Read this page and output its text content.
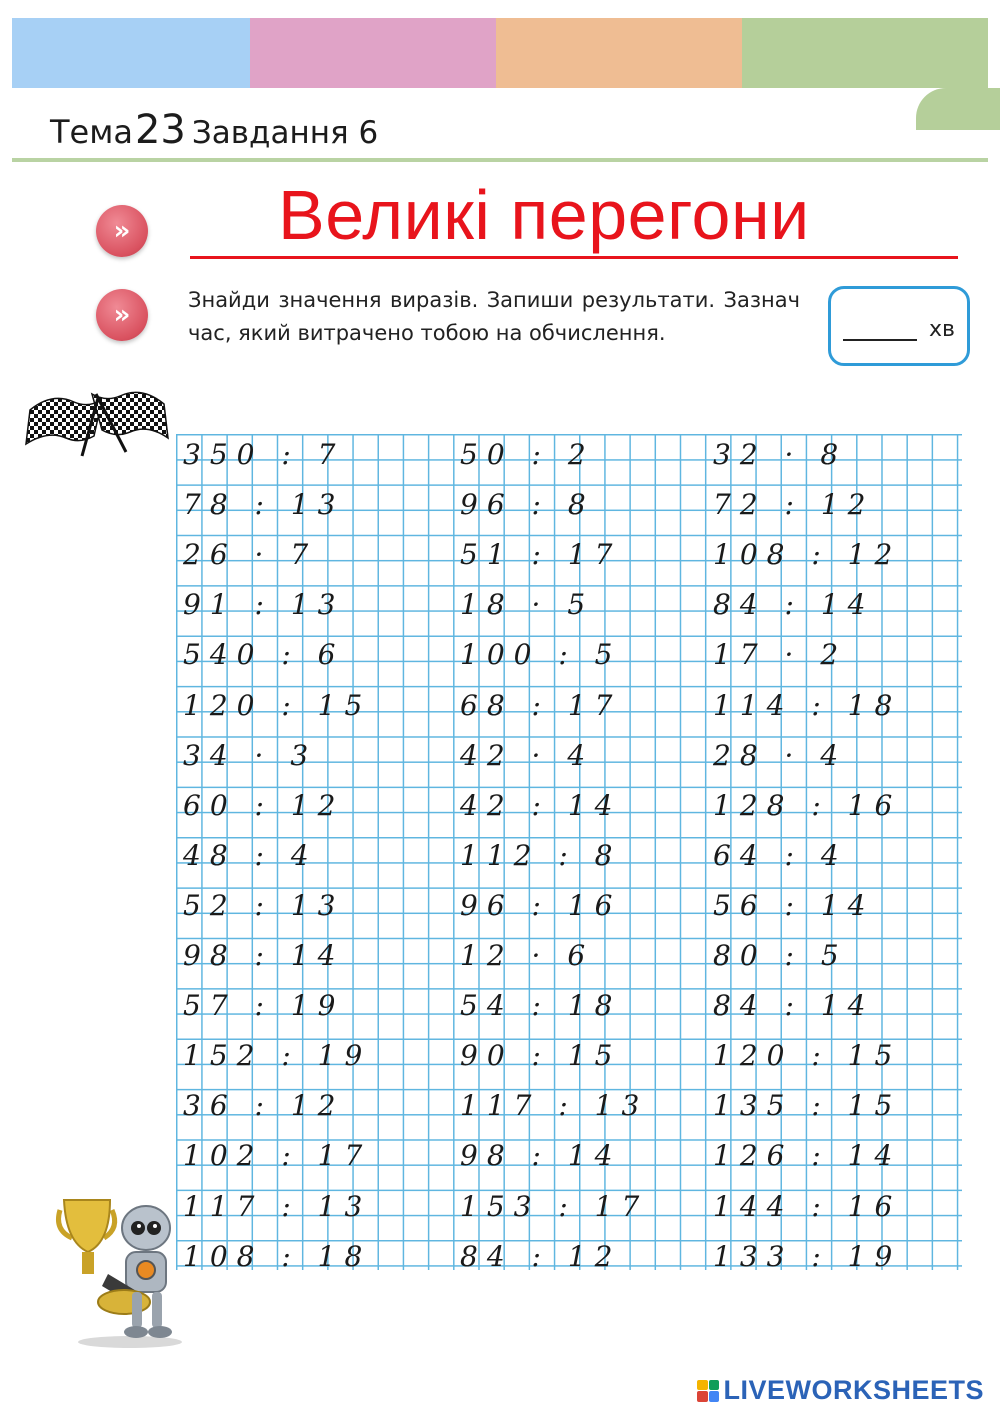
Тема 23 Завдання 6
» Великі перегони
»	Знайди значення виразів. Запиши результати. Зазнач час, який витрачено тобою на обчислення.	хв
350 : 7
78 : 13
26 · 7
91 : 13
540 : 6
120 : 15
34 · 3
60 : 12
48 : 4
52 : 13
98 : 14
57 : 19
152 : 19
36 : 12
102 : 17
117 : 13
108 : 18
50 : 2
96 : 8
51 : 17
18 · 5
100 : 5
68 : 17
42 · 4
42 : 14
112 : 8
96 : 16
12 · 6
54 : 18
90 : 15
117 : 13
98 : 14
153 : 17
84 : 12
32 · 8
72 : 12
108 : 12
84 : 14
17 · 2
114 : 18
28 · 4
128 : 16
64 : 4
56 : 14
80 : 5
84 : 14
120 : 15
135 : 15
126 : 14
144 : 16
133 : 19
LIVEWORKSHEETS
